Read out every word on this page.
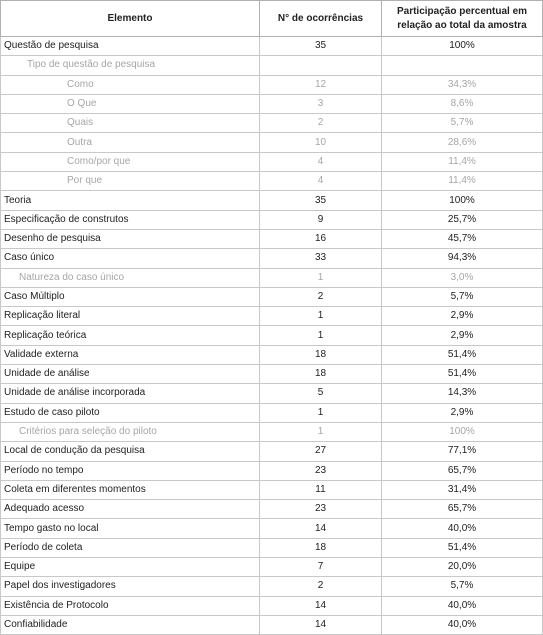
Elemento	N° de ocorrências	Participação percentual em relação ao total da amostra
Questão de pesquisa	35	100%
Tipo de questão de pesquisa		
Como	12	34,3%
O Que	3	8,6%
Quais	2	5,7%
Outra	10	28,6%
Como/por que	4	11,4%
Por que	4	11,4%
Teoria	35	100%
Especificação de construtos	9	25,7%
Desenho de pesquisa	16	45,7%
Caso único	33	94,3%
Natureza do caso único	1	3,0%
Caso Múltiplo	2	5,7%
Replicação literal	1	2,9%
Replicação teórica	1	2,9%
Validade externa	18	51,4%
Unidade de análise	18	51,4%
Unidade de análise incorporada	5	14,3%
Estudo de caso piloto	1	2,9%
Critérios para seleção do piloto	1	100%
Local de condução da pesquisa	27	77,1%
Período no tempo	23	65,7%
Coleta em diferentes momentos	11	31,4%
Adequado acesso	23	65,7%
Tempo gasto no local	14	40,0%
Período de coleta	18	51,4%
Equipe	7	20,0%
Papel dos investigadores	2	5,7%
Existência de Protocolo	14	40,0%
Confiabilidade	14	40,0%
